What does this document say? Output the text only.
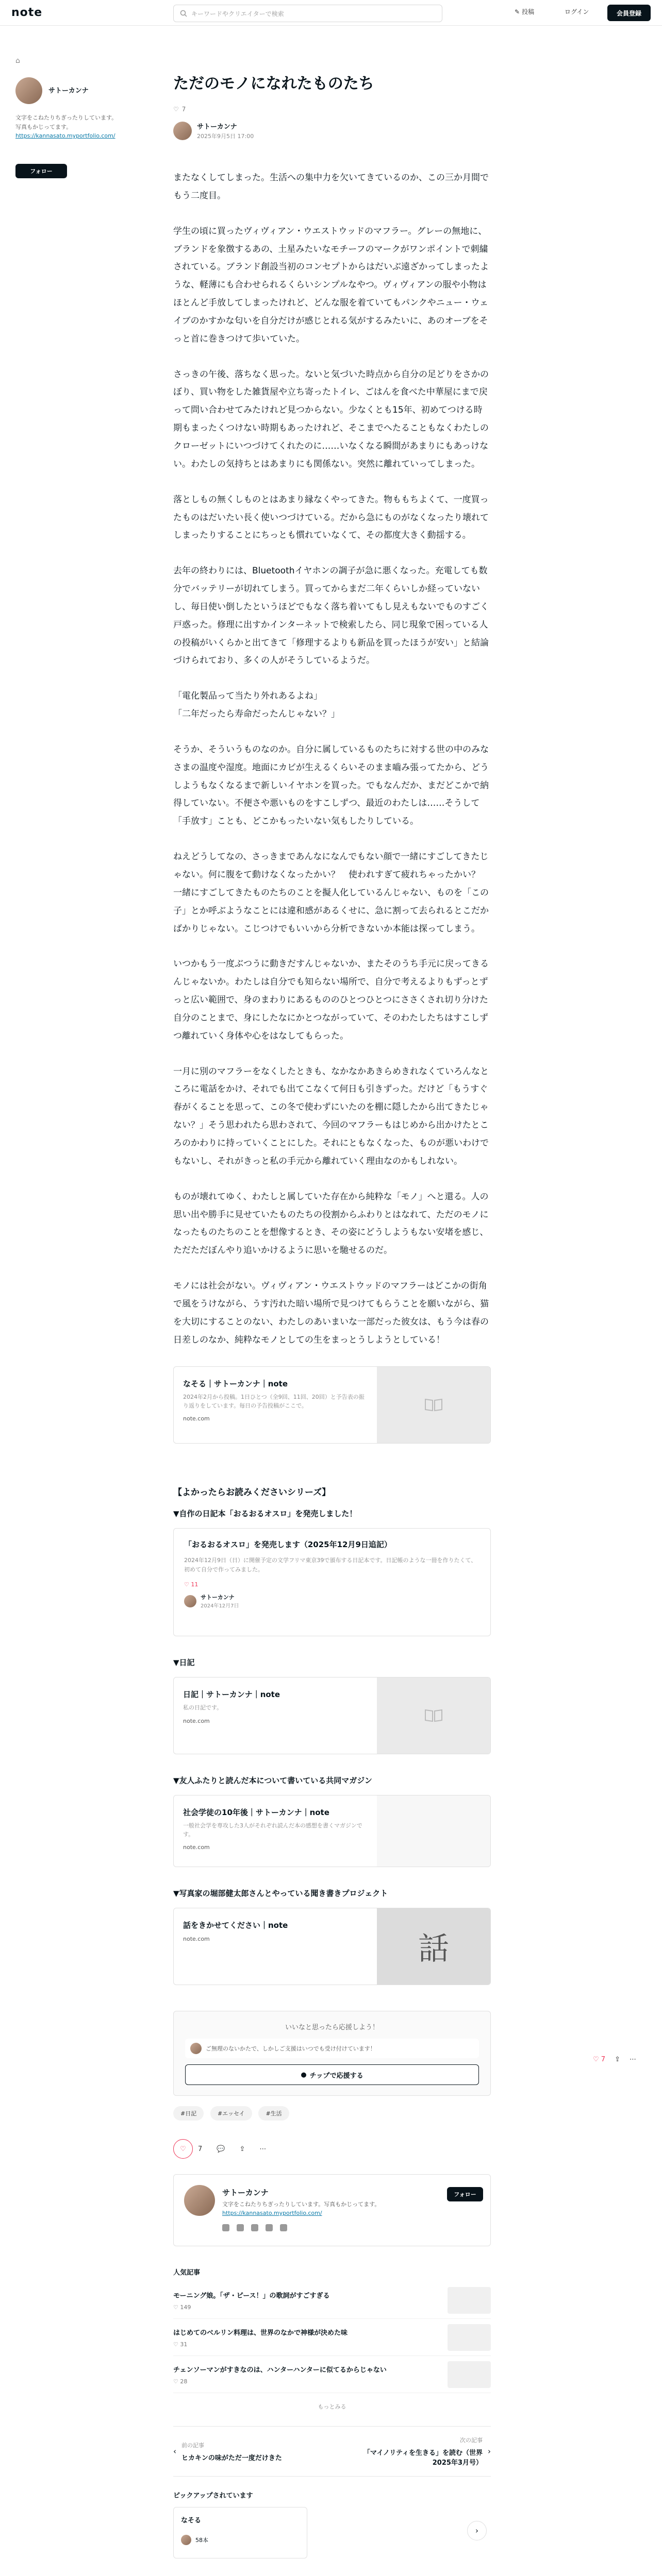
note	キーワードやクリエイターで検索	✎ 投稿	ログイン	会員登録
⌂
サトーカンナ
文字をこねたりちぎったりしています。写真もかじってます。
https://kannasato.myportfolio.com/
フォロー
ただのモノになれたものたち
♡ 7
サトーカンナ
2025年9月5日 17:00

またなくしてしまった。生活への集中力を欠いてきているのか、この三か月間でもう二度目。

学生の頃に買ったヴィヴィアン・ウエストウッドのマフラー。グレーの無地に、ブランドを象徴するあの、土星みたいなモチーフのマークがワンポイントで刺繍されている。ブランド創設当初のコンセプトからはだいぶ遠ざかってしまったような、軽薄にも合わせられるくらいシンプルなやつ。ヴィヴィアンの服や小物はほとんど手放してしまったけれど、どんな服を着ていてもパンクやニュー・ウェイブのかすかな匂いを自分だけが感じとれる気がするみたいに、あのオーブをそっと首に巻きつけて歩いていた。

さっきの午後、落ちなく思った。ないと気づいた時点から自分の足どりをさかのぼり、買い物をした雑貨屋や立ち寄ったトイレ、ごはんを食べた中華屋にまで戻って問い合わせてみたけれど見つからない。少なくとも15年、初めてつける時期もまったくつけない時期もあったけれど、そこまでへたることもなくわたしのクローゼットにいつづけてくれたのに……いなくなる瞬間があまりにもあっけない。わたしの気持ちとはあまりにも関係ない。突然に離れていってしまった。

落としもの無くしものとはあまり縁なくやってきた。物ももちよくて、一度買ったものはだいたい長く使いつづけている。だから急にものがなくなったり壊れてしまったりすることにちっとも慣れていなくて、その都度大きく動揺する。

去年の終わりには、Bluetoothイヤホンの調子が急に悪くなった。充電しても数分でバッテリーが切れてしまう。買ってからまだ二年くらいしか経っていないし、毎日使い倒したというほどでもなく落ち着いてもし見えもないでものすごく戸惑った。修理に出すかインターネットで検索したら、同じ現象で困っている人の投稿がいくらかと出てきて「修理するよりも新品を買ったほうが安い」と結論づけられており、多くの人がそうしているようだ。

「電化製品って当たり外れあるよね」
「二年だったら寿命だったんじゃない？」

そうか、そういうものなのか。自分に属しているものたちに対する世の中のみなさまの温度や湿度。地面にカビが生えるくらいそのまま嚙み張ってたから、どうしようもなくなるまで新しいイヤホンを買った。でもなんだか、まだどこかで納得していない。不便さや悪いものをすこしずつ、最近のわたしは……そうして「手放す」ことも、どこかもったいない気もしたりしている。

ねえどうしてなの、さっきまであんなになんでもない顔で一緒にすごしてきたじゃない。何に腹をて動けなくなったかい？　使われすぎて疲れちゃったかい？　一緒にすごしてきたものたちのことを擬人化しているんじゃない、ものを「この子」とか呼ぶようなことには違和感があるくせに、急に割って去られるとこだかばかりじゃない。こじつけでもいいから分析できないか本能は探ってしまう。

いつかもう一度ぶつうに動きだすんじゃないか、またそのうち手元に戻ってきるんじゃないか。わたしは自分でも知らない場所で、自分で考えるよりもずっとずっと広い範囲で、身のまわりにあるもののひとつひとつにささくされ切り分けた自分のことまで、身にしたなにかとつながっていて、そのわたしたちはすこしずつ離れていく身体や心をはなしてもらった。

一月に別のマフラーをなくしたときも、なかなかあきらめきれなくていろんなところに電話をかけ、それでも出てこなくて何日も引きずった。だけど「もうすぐ春がくることを思って、この冬で使わずにいたのを棚に隠したから出てきたじゃない？」そう思われたら思わされて、今回のマフラーもはじめから出かけたところのかわりに持っていくことにした。それにともなくなった、ものが悪いわけでもないし、それがきっと私の手元から離れていく理由なのかもしれない。

ものが壊れてゆく、わたしと属していた存在から純粋な「モノ」へと還る。人の思い出や勝手に見せていたものたちの役割からふわりとはなれて、ただのモノになったものたちのことを想像するとき、その姿にどうしようもない安堵を感じ、ただただぼんやり追いかけるように思いを馳せるのだ。

モノには社会がない。ヴィヴィアン・ウエストウッドのマフラーはどこかの街角で風をうけながら、うす汚れた暗い場所で見つけてもらうことを願いながら、猫を大切にすることのない、わたしのあいまいな一部だった彼女は、もう今は春の日差しのなか、純粋なモノとしての生をまっとうしようとしている！

なそる｜サトーカンナ｜note
2024年2月から投稿。1日ひとつ（全9回、11回、20回）と予告表の振り返りをしています。毎日の予告投稿がここで。
note.com
【よかったらお読みくださいシリーズ】
▼自作の日記本「おるおるオスロ」を発売しました！
「おるおるオスロ」を発売します（2025年12月9日追記）
2024年12月9日（日）に開催予定の文学フリマ東京39で頒布する日記本です。日記帳のような一冊を作りたくて、初めて自分で作ってみました。
♡ 11
サトーカンナ
2024年12月7日
▼日記
日記｜サトーカンナ｜note
私の日記です。
note.com
▼友人ふたりと読んだ本について書いている共同マガジン
社会学徒の10年後｜サトーカンナ｜note
一般社会学を専攻した3人がそれぞれ読んだ本の感想を書くマガジンです。
note.com
▼写真家の堀部健太郎さんとやっている聞き書きプロジェクト
話をきかせてください｜note
note.com	話
いいなと思ったら応援しよう！
ご無理のないかたで、しかしご支援はいつでも受け付けています！
● チップで応援する
#日記	#エッセイ	#生活
♡	7 💬 ⇪ ⋯
サトーカンナ
文字をこねたりちぎったりしています。写真もかじってます。
https://kannasato.myportfolio.com/
フォロー
人気記事
モーニング娘。「ザ・ピース！」の歌詞がすごすぎる
♡ 149
はじめてのベルリン料理は、世界のなかで神様が決めた味
♡ 31
チェンソーマンがすきなのは、ハンターハンターに似てるからじゃない
♡ 28
もっとみる
‹
前の記事
ヒカキンの味がただ一度だけきた
次の記事
「マイノリティを生きる」を読む（世界 2025年3月号）
›
ピックアップされています
なそる
58本
›
♡ 7 ⇪ ⋯
